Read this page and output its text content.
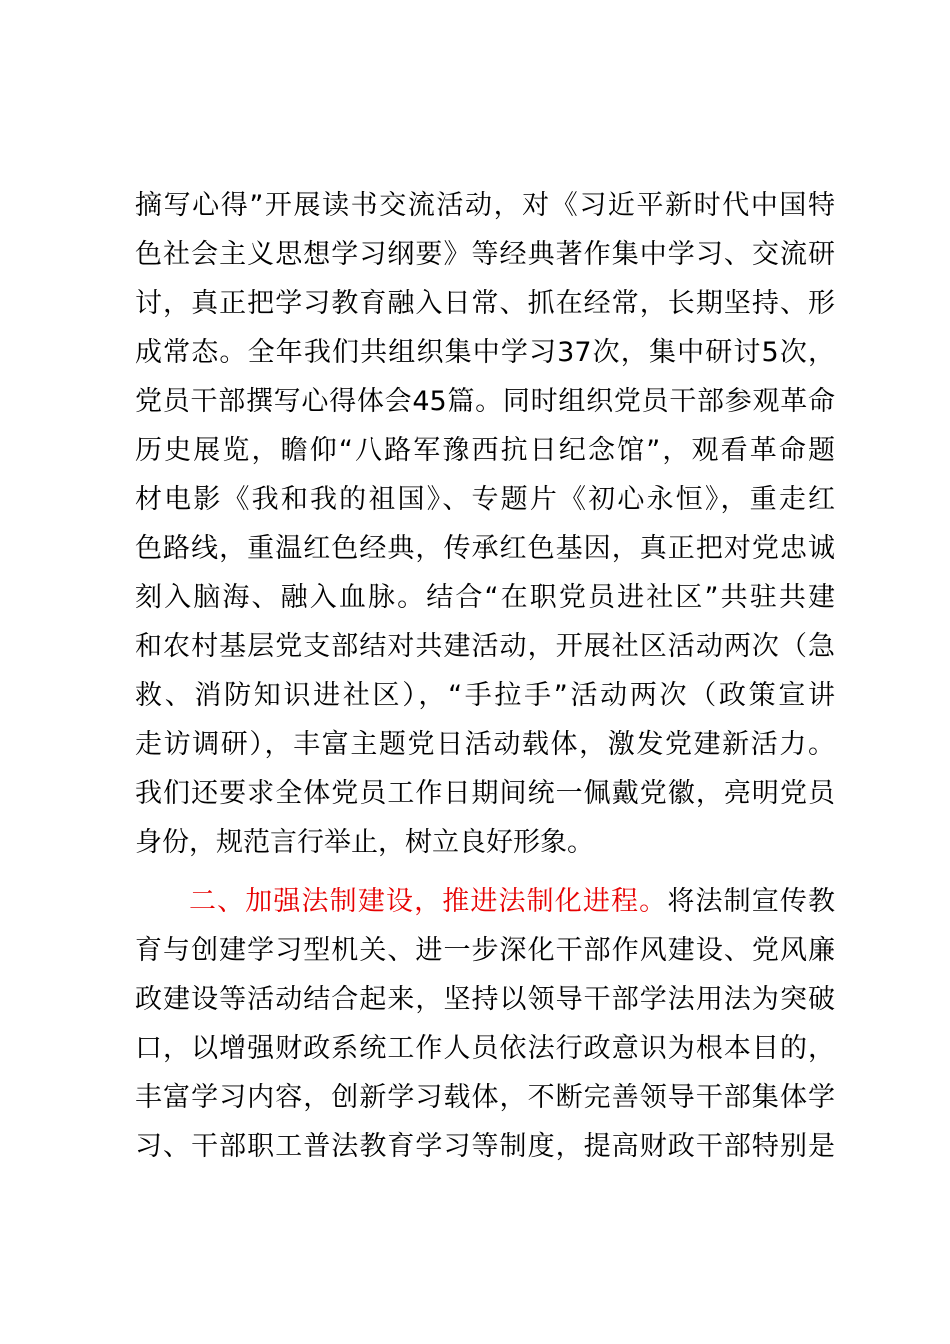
摘写心得”开展读书交流活动，对《习近平新时代中国特
色社会主义思想学习纲要》等经典著作集中学习、交流研
讨，真正把学习教育融入日常、抓在经常，长期坚持、形
成常态。全年我们共组织集中学习37次，集中研讨5次，
党员干部撰写心得体会45篇。同时组织党员干部参观革命
历史展览，瞻仰“八路军豫西抗日纪念馆”，观看革命题
材电影《我和我的祖国》、专题片《初心永恒》，重走红
色路线，重温红色经典，传承红色基因，真正把对党忠诚
刻入脑海、融入血脉。结合“在职党员进社区”共驻共建
和农村基层党支部结对共建活动，开展社区活动两次（急
救、消防知识进社区），“手拉手”活动两次（政策宣讲
走访调研），丰富主题党日活动载体，激发党建新活力。
我们还要求全体党员工作日期间统一佩戴党徽，亮明党员
身份，规范言行举止，树立良好形象。
二、加强法制建设，推进法制化进程。将法制宣传教
育与创建学习型机关、进一步深化干部作风建设、党风廉
政建设等活动结合起来，坚持以领导干部学法用法为突破
口，以增强财政系统工作人员依法行政意识为根本目的，
丰富学习内容，创新学习载体，不断完善领导干部集体学
习、干部职工普法教育学习等制度，提高财政干部特别是
